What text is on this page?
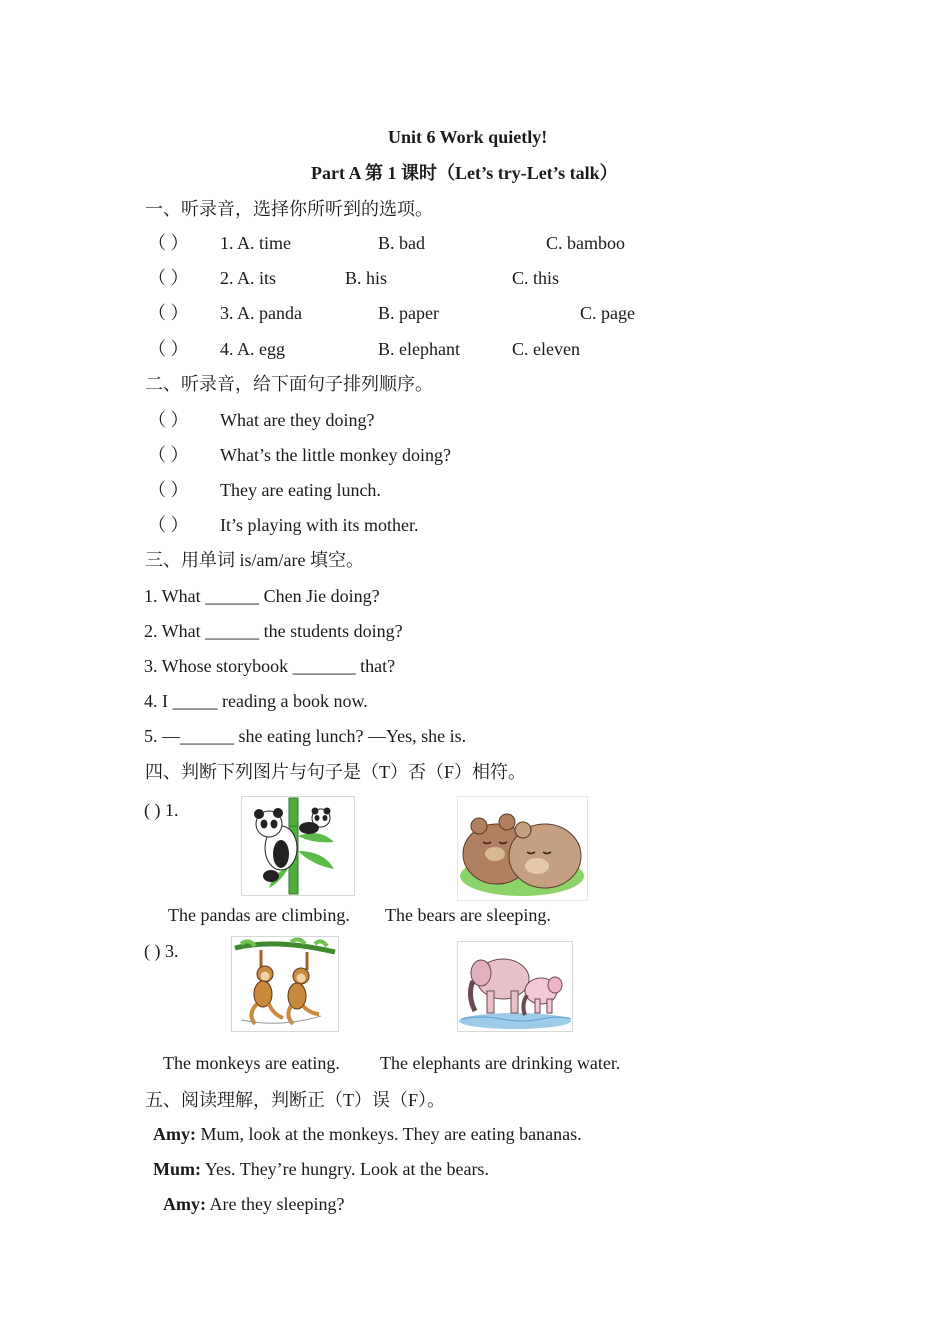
Unit 6 Work quietly!
Part A 第 1 课时（Let’s try-Let’s talk）
一、听录音，选择你所听到的选项。
（ ） 1. A. time	B. bad	C. bamboo
（ ） 2. A. its	B. his	C. this
（ ） 3. A. panda	B. paper	C. page
（ ） 4. A. egg	B. elephant	C. eleven
二、听录音，给下面句子排列顺序。
（ ） What are they doing?
（ ） What’s the little monkey doing?
（ ） They are eating lunch.
（ ） It’s playing with its mother.
三、用单词 is/am/are 填空。
1. What ______ Chen Jie doing?
2. What ______ the students doing?
3. Whose storybook _______ that?
4. I _____ reading a book now.
5. —______ she eating lunch? —Yes, she is.
四、判断下列图片与句子是（T）否（F）相符。
( ) 1.
The pandas are climbing. The bears are sleeping.
( ) 3.
The monkeys are eating. The elephants are drinking water.
五、阅读理解，判断正（T）误（F）。
Amy: Mum, look at the monkeys. They are eating bananas.
Mum: Yes. They’re hungry. Look at the bears.
Amy: Are they sleeping?
